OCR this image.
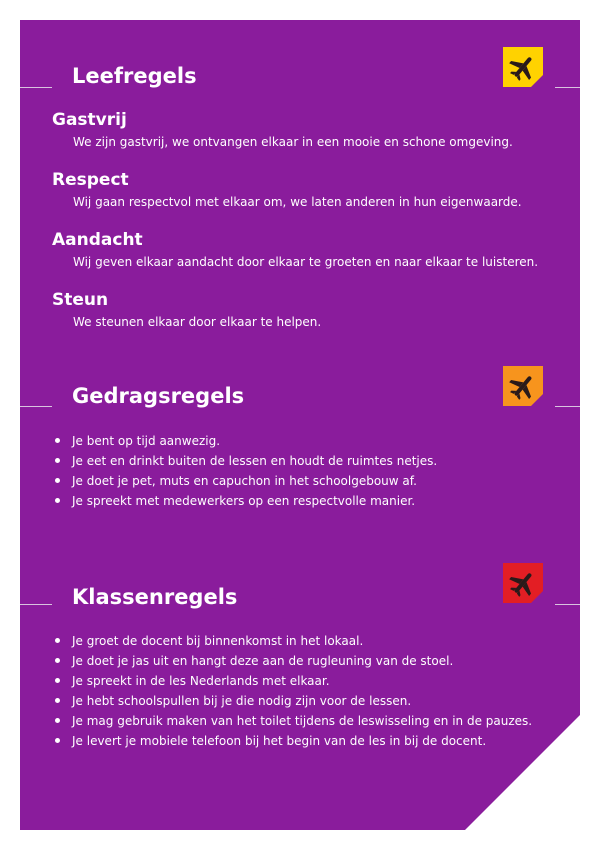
Leefregels
Gastvrij
We zijn gastvrij, we ontvangen elkaar in een mooie en schone omgeving.
Respect
Wij gaan respectvol met elkaar om, we laten anderen in hun eigenwaarde.
Aandacht
Wij geven elkaar aandacht door elkaar te groeten en naar elkaar te luisteren.
Steun
We steunen elkaar door elkaar te helpen.
Gedragsregels
Je bent op tijd aanwezig.
Je eet en drinkt buiten de lessen en houdt de ruimtes netjes.
Je doet je pet, muts en capuchon in het schoolgebouw af.
Je spreekt met medewerkers op een respectvolle manier.
Klassenregels
Je groet de docent bij binnenkomst in het lokaal.
Je doet je jas uit en hangt deze aan de rugleuning van de stoel.
Je spreekt in de les Nederlands met elkaar.
Je hebt schoolspullen bij je die nodig zijn voor de lessen.
Je mag gebruik maken van het toilet tijdens de leswisseling en in de pauzes.
Je levert je mobiele telefoon bij het begin van de les in bij de docent.
